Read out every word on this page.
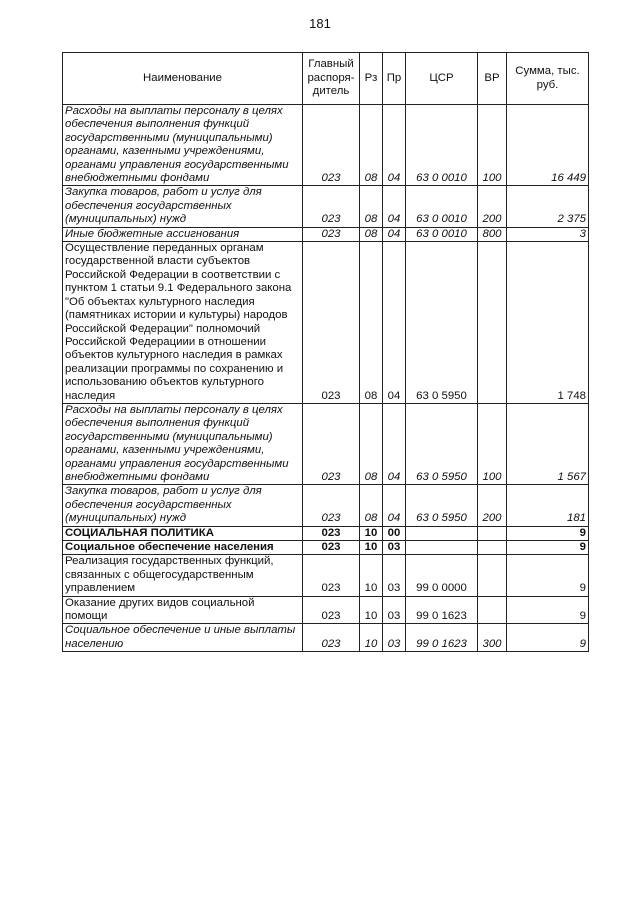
181
Наименование	Главный распоря-дитель	Рз	Пр	ЦСР	ВР	Сумма, тыс. руб.
Расходы на выплаты персоналу в целях обеспечения выполнения функций государственными (муниципальными) органами, казенными учреждениями, органами управления государственными внебюджетными фондами	023	08	04	63 0 0010	100	16 449
Закупка товаров, работ и услуг для обеспечения государственных (муниципальных) нужд	023	08	04	63 0 0010	200	2 375
Иные бюджетные ассигнования	023	08	04	63 0 0010	800	3
Осуществление переданных органам государственной власти субъектов Российской Федерации в соответствии с пунктом 1 статьи 9.1 Федерального закона "Об объектах культурного наследия (памятниках истории и культуры) народов Российской Федерации" полномочий Российской Федерациии в отношении объектов культурного наследия в рамках реализации программы по сохранению и использованию объектов культурного наследия	023	08	04	63 0 5950		1 748
Расходы на выплаты персоналу в целях обеспечения выполнения функций государственными (муниципальными) органами, казенными учреждениями, органами управления государственными внебюджетными фондами	023	08	04	63 0 5950	100	1 567
Закупка товаров, работ и услуг для обеспечения государственных (муниципальных) нужд	023	08	04	63 0 5950	200	181
СОЦИАЛЬНАЯ ПОЛИТИКА	023	10	00			9
Социальное обеспечение населения	023	10	03			9
Реализация государственных функций, связанных с общегосударственным управлением	023	10	03	99 0 0000		9
Оказание других видов социальной помощи	023	10	03	99 0 1623		9
Социальное обеспечение и иные выплаты населению	023	10	03	99 0 1623	300	9
